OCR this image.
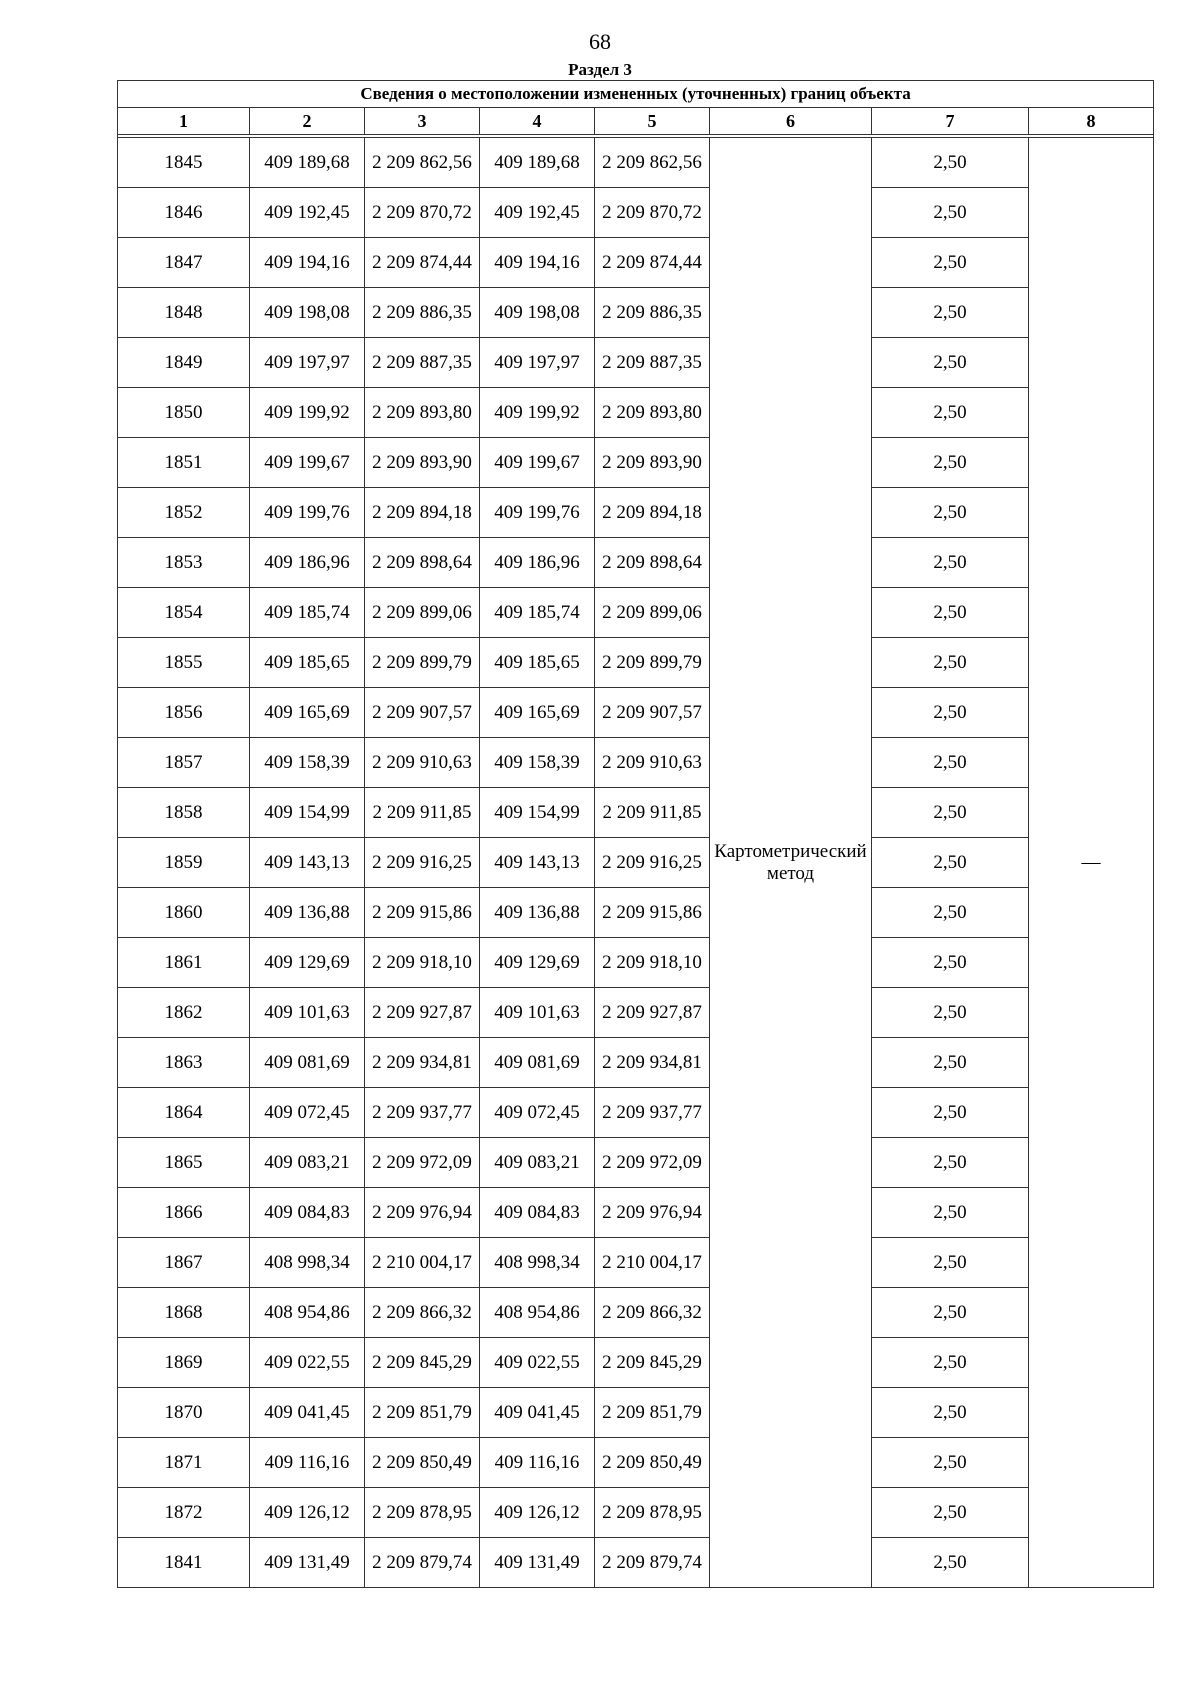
68
Раздел 3
Сведения о местоположении измененных (уточненных) границ объекта							
1	2	3	4	5	6	7	8

1845	409 189,68	2 209 862,56	409 189,68	2 209 862,56	Картометрический метод	2,50	—
1846	409 192,45	2 209 870,72	409 192,45	2 209 870,72		2,50	
1847	409 194,16	2 209 874,44	409 194,16	2 209 874,44		2,50	
1848	409 198,08	2 209 886,35	409 198,08	2 209 886,35		2,50	
1849	409 197,97	2 209 887,35	409 197,97	2 209 887,35		2,50	
1850	409 199,92	2 209 893,80	409 199,92	2 209 893,80		2,50	
1851	409 199,67	2 209 893,90	409 199,67	2 209 893,90		2,50	
1852	409 199,76	2 209 894,18	409 199,76	2 209 894,18		2,50	
1853	409 186,96	2 209 898,64	409 186,96	2 209 898,64		2,50	
1854	409 185,74	2 209 899,06	409 185,74	2 209 899,06		2,50	
1855	409 185,65	2 209 899,79	409 185,65	2 209 899,79		2,50	
1856	409 165,69	2 209 907,57	409 165,69	2 209 907,57		2,50	
1857	409 158,39	2 209 910,63	409 158,39	2 209 910,63		2,50	
1858	409 154,99	2 209 911,85	409 154,99	2 209 911,85		2,50	
1859	409 143,13	2 209 916,25	409 143,13	2 209 916,25		2,50	
1860	409 136,88	2 209 915,86	409 136,88	2 209 915,86		2,50	
1861	409 129,69	2 209 918,10	409 129,69	2 209 918,10		2,50	
1862	409 101,63	2 209 927,87	409 101,63	2 209 927,87		2,50	
1863	409 081,69	2 209 934,81	409 081,69	2 209 934,81		2,50	
1864	409 072,45	2 209 937,77	409 072,45	2 209 937,77		2,50	
1865	409 083,21	2 209 972,09	409 083,21	2 209 972,09		2,50	
1866	409 084,83	2 209 976,94	409 084,83	2 209 976,94		2,50	
1867	408 998,34	2 210 004,17	408 998,34	2 210 004,17		2,50	
1868	408 954,86	2 209 866,32	408 954,86	2 209 866,32		2,50	
1869	409 022,55	2 209 845,29	409 022,55	2 209 845,29		2,50	
1870	409 041,45	2 209 851,79	409 041,45	2 209 851,79		2,50	
1871	409 116,16	2 209 850,49	409 116,16	2 209 850,49		2,50	
1872	409 126,12	2 209 878,95	409 126,12	2 209 878,95		2,50	
1841	409 131,49	2 209 879,74	409 131,49	2 209 879,74		2,50	
